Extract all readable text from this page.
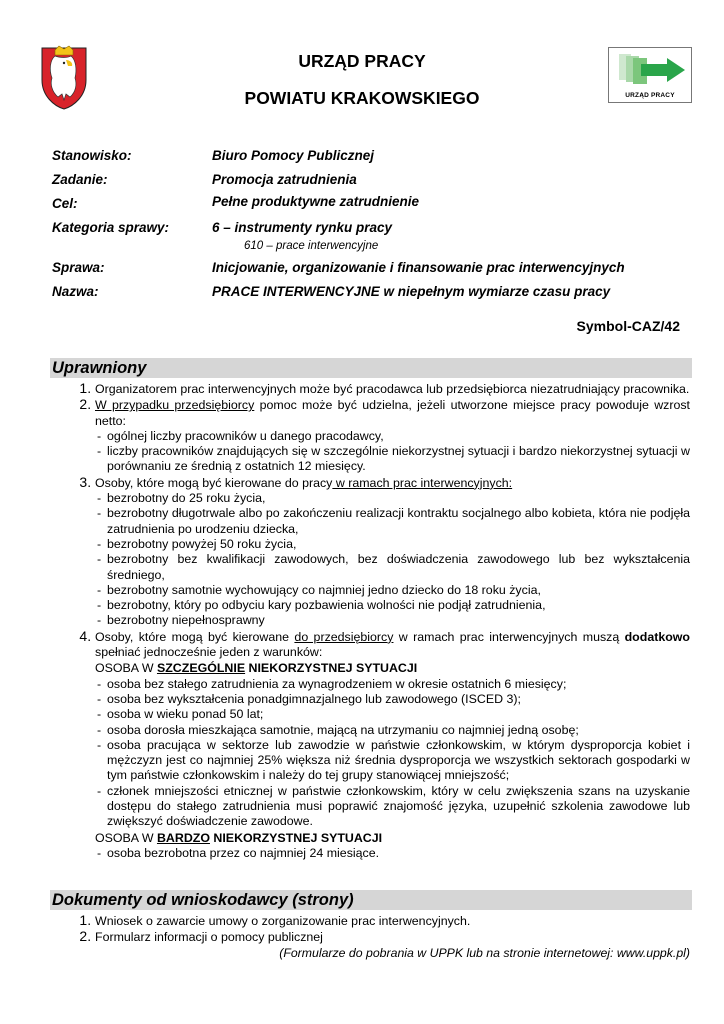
URZĄD PRACY
URZĄD PRACY
POWIATU KRAKOWSKIEGO
Stanowisko:	Biuro Pomocy Publicznej
Zadanie:	Promocja zatrudnienia
Cel:	Pełne produktywne zatrudnienie
Kategoria sprawy:	6 – instrumenty rynku pracy
610 – prace interwencyjne
Sprawa:	Inicjowanie, organizowanie i finansowanie prac interwencyjnych
Nazwa:	PRACE INTERWENCYJNE w niepełnym wymiarze czasu pracy
Symbol-CAZ/42
Uprawniony
1. Organizatorem prac interwencyjnych może być pracodawca lub przedsiębiorca niezatrudniający pracownika.
2. W przypadku przedsiębiorcy pomoc może być udzielna, jeżeli utworzone miejsce pracy powoduje wzrost netto:
- ogólnej liczby pracowników u danego pracodawcy,
- liczby pracowników znajdujących się w szczególnie niekorzystnej sytuacji i bardzo niekorzystnej sytuacji w porównaniu ze średnią z ostatnich 12 miesięcy.
3. Osoby, które mogą być kierowane do pracy w ramach prac interwencyjnych:
- bezrobotny do 25 roku życia,
- bezrobotny długotrwale albo po zakończeniu realizacji kontraktu socjalnego albo kobieta, która nie podjęła zatrudnienia po urodzeniu dziecka,
- bezrobotny powyżej 50 roku życia,
- bezrobotny bez kwalifikacji zawodowych, bez doświadczenia zawodowego lub bez wykształcenia średniego,
- bezrobotny samotnie wychowujący co najmniej jedno dziecko do 18 roku życia,
- bezrobotny, który po odbyciu kary pozbawienia wolności nie podjął zatrudnienia,
- bezrobotny niepełnosprawny
4. Osoby, które mogą być kierowane do przedsiębiorcy w ramach prac interwencyjnych muszą dodatkowo spełniać jednocześnie jeden z warunków:
OSOBA W SZCZEGÓLNIE NIEKORZYSTNEJ SYTUACJI
- osoba bez stałego zatrudnienia za wynagrodzeniem w okresie ostatnich 6 miesięcy;
- osoba bez wykształcenia ponadgimnazjalnego lub zawodowego (ISCED 3);
- osoba w wieku ponad 50 lat;
- osoba dorosła mieszkająca samotnie, mającą na utrzymaniu co najmniej jedną osobę;
- osoba pracująca w sektorze lub zawodzie w państwie członkowskim, w którym dysproporcja kobiet i mężczyzn jest co najmniej 25% większa niż średnia dysproporcja we wszystkich sektorach gospodarki w tym państwie członkowskim i należy do tej grupy stanowiącej mniejszość;
- członek mniejszości etnicznej w państwie członkowskim, który w celu zwiększenia szans na uzyskanie dostępu do stałego zatrudnienia musi poprawić znajomość języka, uzupełnić szkolenia zawodowe lub zwiększyć doświadczenie zawodowe.
OSOBA W BARDZO NIEKORZYSTNEJ SYTUACJI
- osoba bezrobotna przez co najmniej 24 miesiące.
Dokumenty od wnioskodawcy (strony)
1. Wniosek o zawarcie umowy o zorganizowanie prac interwencyjnych.
2. Formularz informacji o pomocy publicznej
(Formularze do pobrania w UPPK lub na stronie internetowej: www.uppk.pl)
